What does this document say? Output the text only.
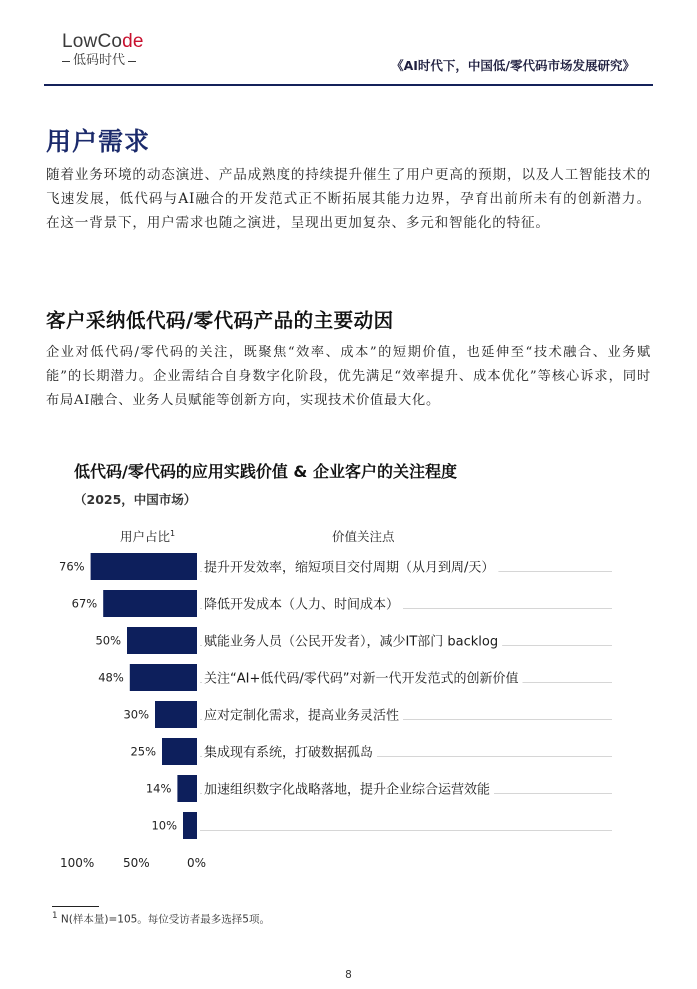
LowCode
低码时代	《AI时代下，中国低/零代码市场发展研究》
用户需求
随着业务环境的动态演进、产品成熟度的持续提升催生了用户更高的预期，以及人工智能技术的飞速发展，低代码与AI融合的开发范式正不断拓展其能力边界，孕育出前所未有的创新潜力。在这一背景下，用户需求也随之演进，呈现出更加复杂、多元和智能化的特征。
客户采纳低代码/零代码产品的主要动因
企业对低代码/零代码的关注，既聚焦“效率、成本”的短期价值，也延伸至“技术融合、业务赋能”的长期潜力。企业需结合自身数字化阶段，优先满足“效率提升、成本优化”等核心诉求，同时布局AI融合、业务人员赋能等创新方向，实现技术价值最大化。
低代码/零代码的应用实践价值 & 企业客户的关注程度
（2025，中国市场）
用户占比$^1$	价值关注点
76%	提升开发效率，缩短项目交付周期（从月到周/天）
67%	降低开发成本（人力、时间成本）
50%	赋能业务人员（公民开发者），减少IT部门 backlog
48%	关注“AI+低代码/零代码”对新一代开发范式的创新价值
30%	应对定制化需求，提高业务灵活性
25%	集成现有系统，打破数据孤岛
14%	加速组织数字化战略落地，提升企业综合运营效能
10%
100% 50%	0%
$^1$ N(样本量)=105。每位受访者最多选择5项。
8
